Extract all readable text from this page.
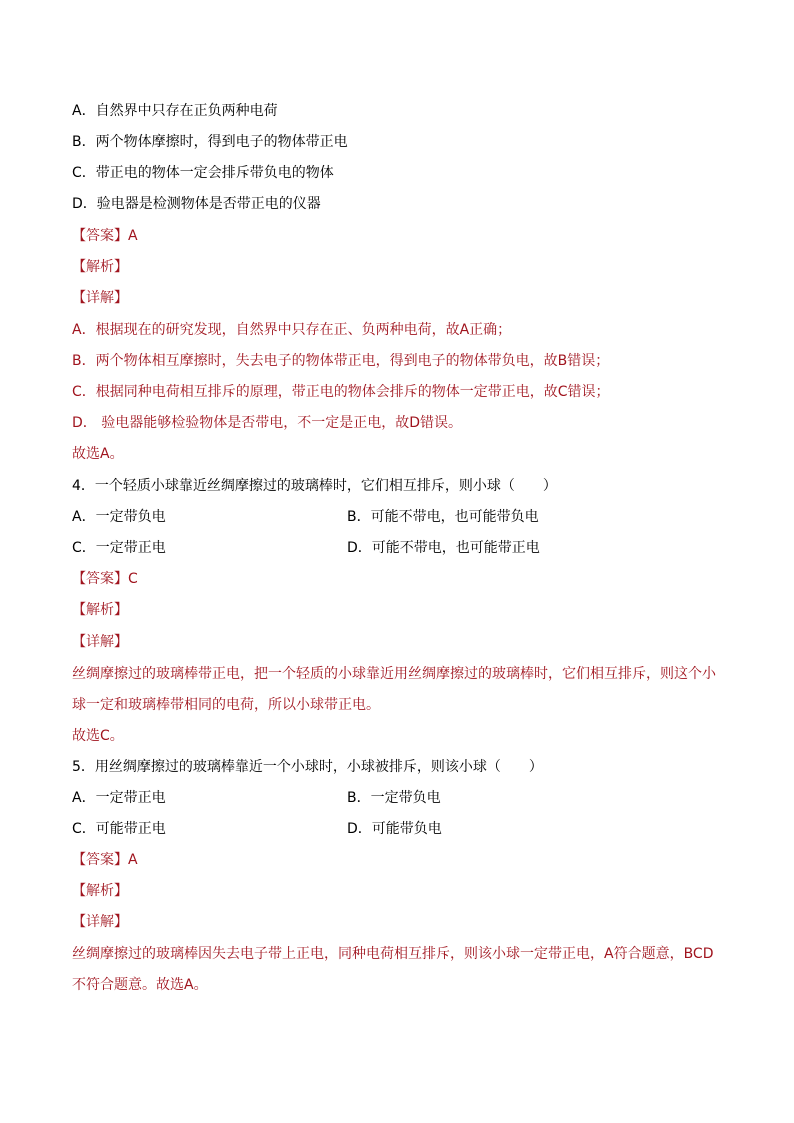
A．自然界中只存在正负两种电荷
B．两个物体摩擦时，得到电子的物体带正电
C．带正电的物体一定会排斥带负电的物体
D．验电器是检测物体是否带正电的仪器
【答案】A
【解析】
【详解】
A．根据现在的研究发现，自然界中只存在正、负两种电荷，故A正确；
B．两个物体相互摩擦时，失去电子的物体带正电，得到电子的物体带负电，故B错误；
C．根据同种电荷相互排斥的原理，带正电的物体会排斥的物体一定带正电，故C错误；
D． 验电器能够检验物体是否带电，不一定是正电，故D错误。
故选A。
4．一个轻质小球靠近丝绸摩擦过的玻璃棒时，它们相互排斥，则小球（　　）
A．一定带负电	B．可能不带电，也可能带负电
C．一定带正电	D．可能不带电，也可能带正电
【答案】C
【解析】
【详解】
丝绸摩擦过的玻璃棒带正电，把一个轻质的小球靠近用丝绸摩擦过的玻璃棒时，它们相互排斥，则这个小
球一定和玻璃棒带相同的电荷，所以小球带正电。
故选C。
5．用丝绸摩擦过的玻璃棒靠近一个小球时，小球被排斥，则该小球（　　）
A．一定带正电	B．一定带负电
C．可能带正电	D．可能带负电
【答案】A
【解析】
【详解】
丝绸摩擦过的玻璃棒因失去电子带上正电，同种电荷相互排斥，则该小球一定带正电，A符合题意，BCD
不符合题意。故选A。
